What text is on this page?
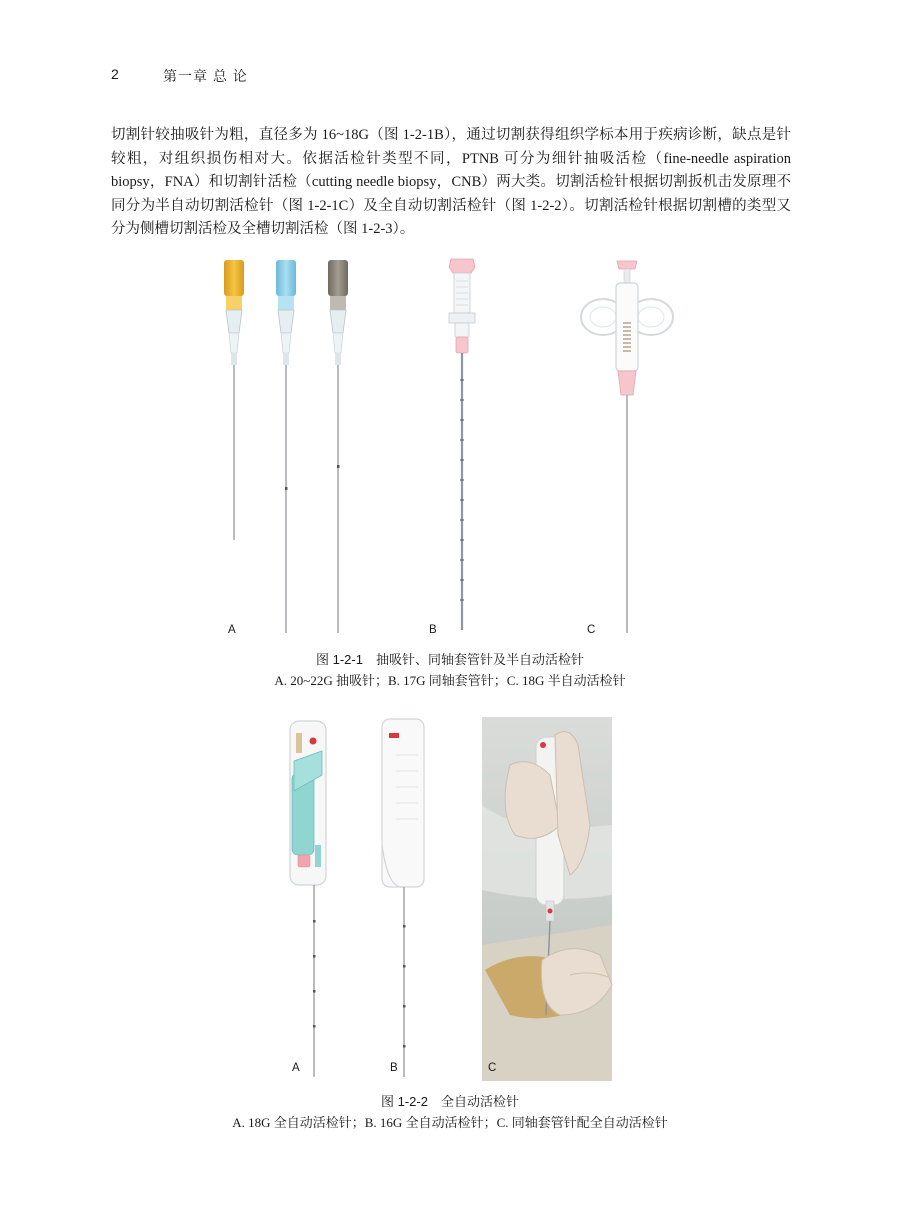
2	第一章 总 论

切割针较抽吸针为粗，直径多为 16~18G（图 1-2-1B），通过切割获得组织学标本用于疾病诊断，缺点是针较粗，对组织损伤相对大。依据活检针类型不同，PTNB 可分为细针抽吸活检（fine-needle aspiration biopsy，FNA）和切割针活检（cutting needle biopsy，CNB）两大类。切割活检针根据切割扳机击发原理不同分为半自动切割活检针（图 1-2-1C）及全自动切割活检针（图 1-2-2）。切割活检针根据切割槽的类型又分为侧槽切割活检及全槽切割活检（图 1-2-3）。

A	B	C
图 1-2-1　抽吸针、同轴套管针及半自动活检针
A. 20~22G 抽吸针；B. 17G 同轴套管针；C. 18G 半自动活检针
A	B	C
图 1-2-2　全自动活检针
A. 18G 全自动活检针；B. 16G 全自动活检针；C. 同轴套管针配全自动活检针
